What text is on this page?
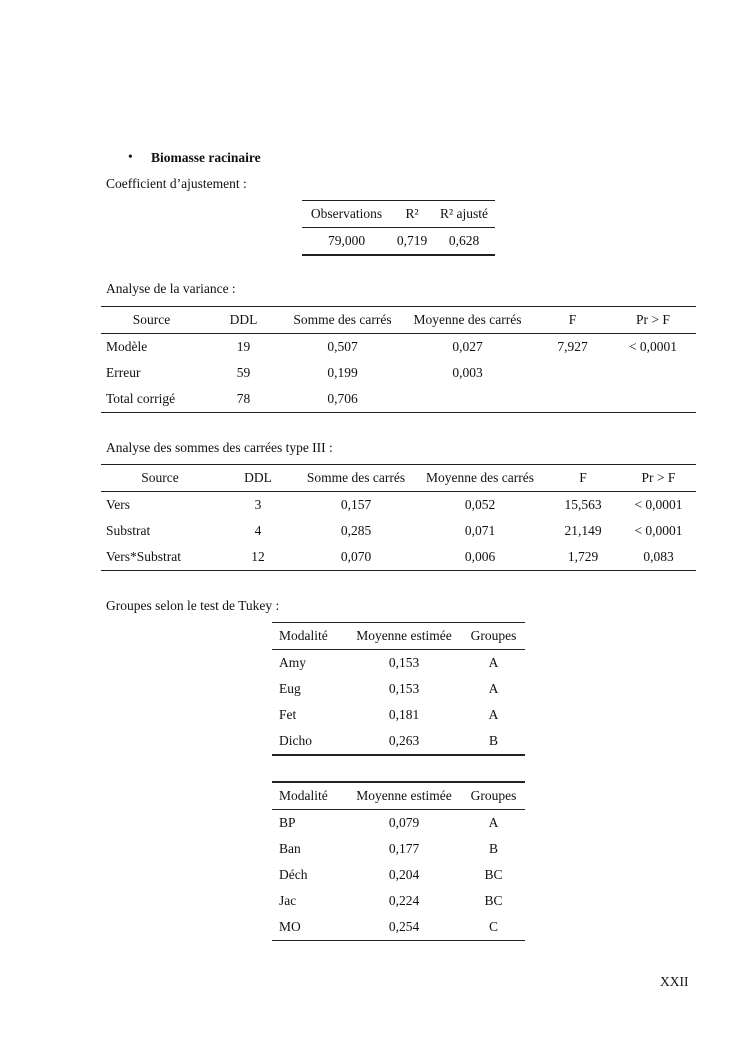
• Biomasse racinaire
Coefficient d’ajustement :
Observations	R²	R² ajusté
79,000	0,719	0,628
Analyse de la variance :
Source	DDL	Somme des carrés	Moyenne des carrés	F	Pr > F
Modèle	19	0,507	0,027	7,927	< 0,0001
Erreur	59	0,199	0,003		
Total corrigé	78	0,706			
Analyse des sommes des carrées type III :
Source	DDL	Somme des carrés	Moyenne des carrés	F	Pr > F
Vers	3	0,157	0,052	15,563	< 0,0001
Substrat	4	0,285	0,071	21,149	< 0,0001
Vers*Substrat	12	0,070	0,006	1,729	0,083
Groupes selon le test de Tukey :
Modalité	Moyenne estimée	Groupes
Amy	0,153	A
Eug	0,153	A
Fet	0,181	A
Dicho	0,263	B
Modalité	Moyenne estimée	Groupes
BP	0,079	A
Ban	0,177	B
Déch	0,204	BC
Jac	0,224	BC
MO	0,254	C
XXII
